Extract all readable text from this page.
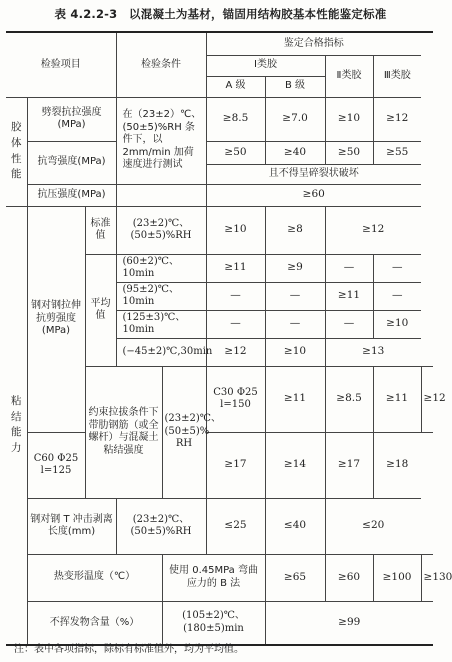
表 4.2.2-3　以混凝土为基材，锚固用结构胶基本性能鉴定标准
检验项目			检验条件		鉴定合格指标				
					Ⅰ类胶		Ⅱ类胶	Ⅲ类胶	
					A 级	B 级			

胶体性能	劈裂抗拉强度(MPa)		在（23±2）℃、(50±5)%RH 条件下，以 2mm/min 加荷速度进行测试		≥8.5	≥7.0	≥10	≥12	
	抗弯强度(MPa)				≥50	≥40	≥50	≥55	
					且不得呈碎裂状破坏				
	抗压强度(MPa)				≥60				

粘结能力	钢对钢拉伸抗剪强度(MPa)	标准值	(23±2)℃、(50±5)%RH		≥10	≥8	≥12		
		平均值	(60±2)℃、10min		≥11	≥9	—	—	
			(95±2)℃、10min		—	—	≥11	—	
			(125±3)℃、10min		—	—	—	≥10	
			(−45±2)℃,30min		≥12	≥10	≥13		
		约束拉拔条件下带肋钢筋（或全螺杆）与混凝土粘结强度		(23±2)℃、(50±5)% RH	C30 Φ25 l=150	≥11	≥8.5	≥11	≥12
	C60 Φ25 l=125				≥17	≥14	≥17	≥18	
	钢对钢 T 冲击剥离长度(mm)		(23±2)℃、(50±5)%RH		≤25	≤40	≤20		
	热变形温度（℃）			使用 0.45MPa 弯曲应力的 B 法		≥65	≥60	≥100	≥130
	不挥发物含量（%）			(105±2)℃、(180±5)min		≥99			
注：表中各项指标，除标有标准值外，均为平均值。
